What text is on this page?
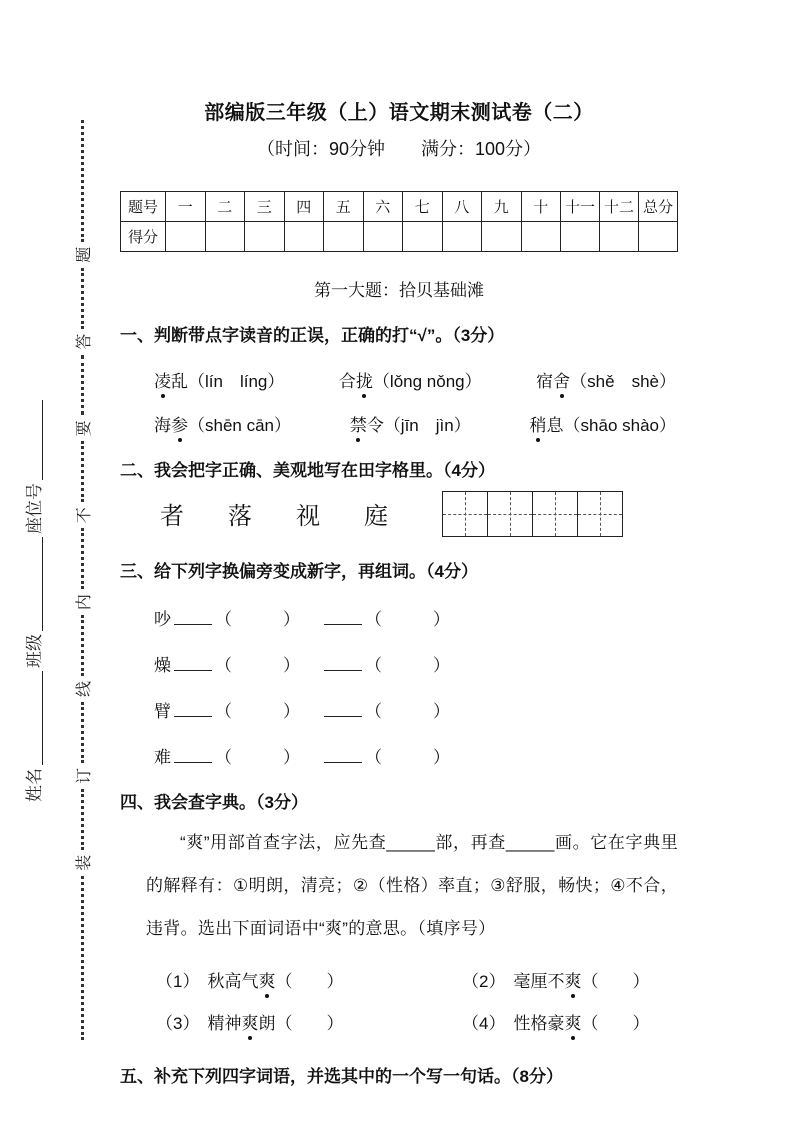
装
订
线
内
不
要
答
题
姓名
班级
座位号
部编版三年级（上）语文期末测试卷（二）
（时间：90分钟　　满分：100分）
题号	一	二	三	四	五	六	七	八	九	十	十一	十二	总分
得分													
第一大题：拾贝基础滩
一、判断带点字读音的正误，正确的打“√”。（3分）
凌乱（lín　líng）	合拢（lǒng nǒng）	宿舍（shě　shè）
海参（shēn cān）	禁令（jīn　jìn）	稍息（shāo shào）
二、我会把字正确、美观地写在田字格里。（4分）
者 落 视 庭
三、给下列字换偏旁变成新字，再组词。（4分）
吵	（　　　）	（　　　）
燥	（　　　）	（　　　）
臂	（　　　）	（　　　）
难	（　　　）	（　　　）
四、我会查字典。（3分）
“爽”用部首查字法，应先查_____部，再查_____画。它在字典里的解释有：①明朗，清亮；②（性格）率直；③舒服，畅快；④不合，违背。选出下面词语中“爽”的意思。（填序号）
（1） 秋高气爽（　　）	（2） 毫厘不爽（　　）
（3） 精神爽朗（　　）	（4） 性格豪爽（　　）
五、补充下列四字词语，并选其中的一个写一句话。（8分）
